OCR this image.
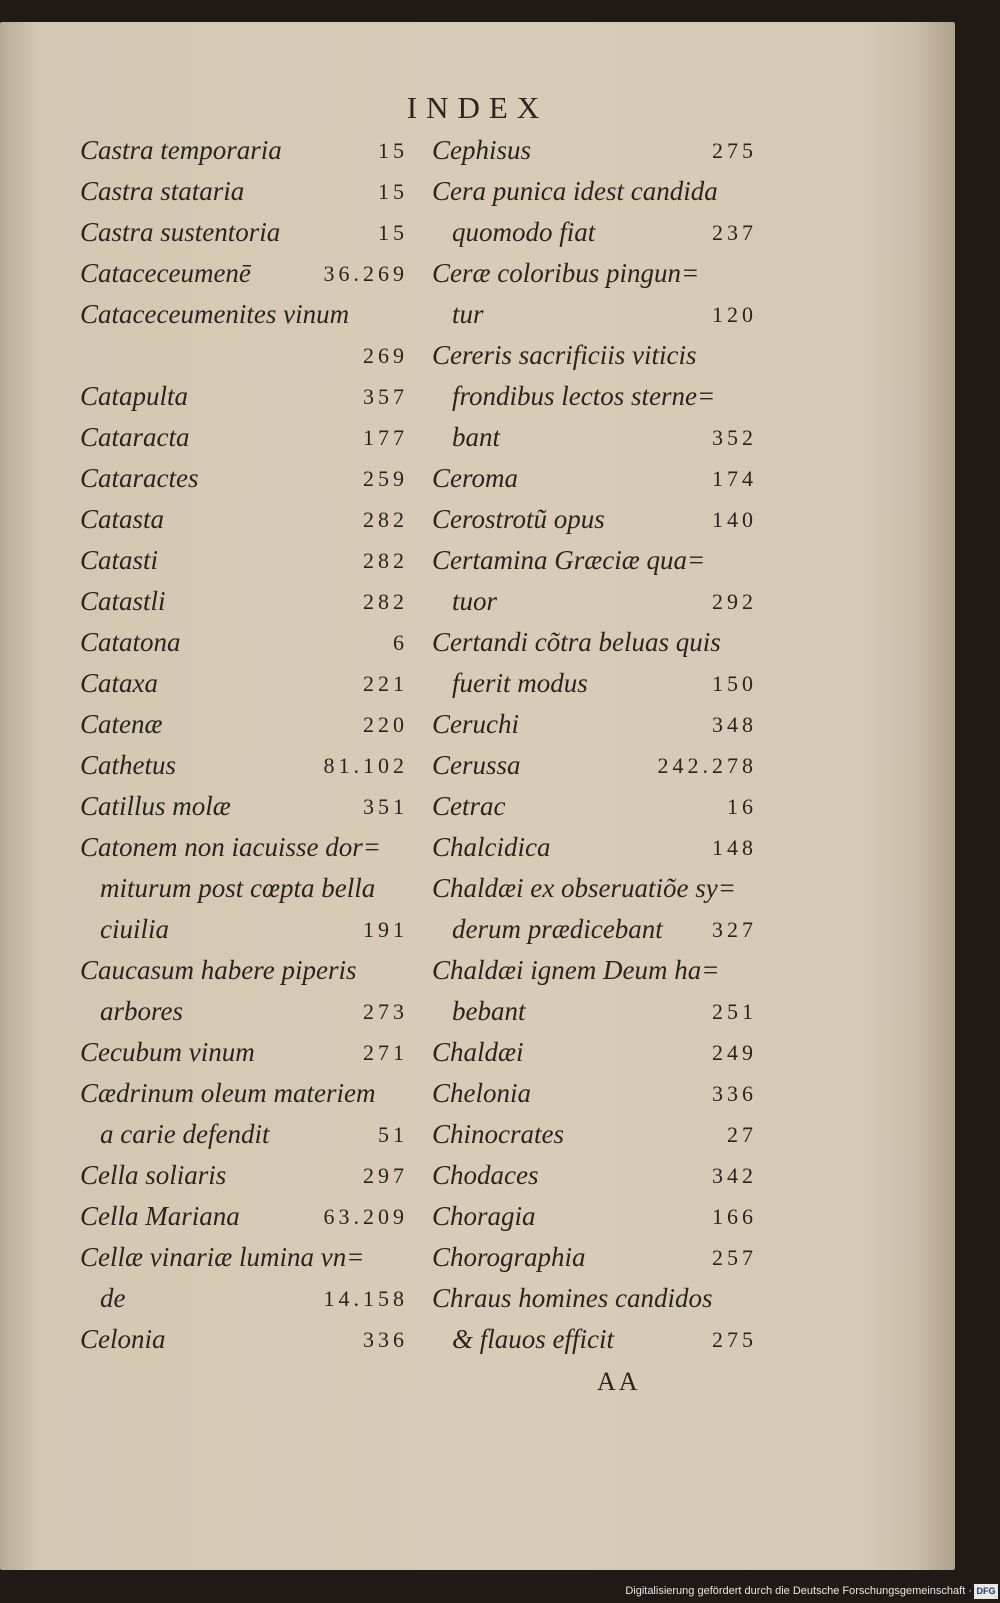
INDEX
Castra temporaria	15
Castra stataria	15
Castra sustentoria	15
Cataceceumenē	36.269
Cataceceumenites vinum
269
Catapulta	357
Cataracta	177
Cataractes	259
Catasta	282
Catasti	282
Catastli	282
Catatona	6
Cataxa	221
Catenæ	220
Cathetus	81.102
Catillus molæ	351
Catonem non iacuisse dor=
miturum post cœpta bella
ciuilia	191
Caucasum habere piperis
arbores	273
Cecubum vinum	271
Cædrinum oleum materiem
a carie defendit	51
Cella soliaris	297
Cella Mariana	63.209
Cellæ vinariæ lumina vn=
de	14.158
Celonia	336
Cephisus	275
Cera punica idest candida
quomodo fiat	237
Ceræ coloribus pingun=
tur	120
Cereris sacrificiis viticis
frondibus lectos sterne=
bant	352
Ceroma	174
Cerostrotũ opus	140
Certamina Græciæ qua=
tuor	292
Certandi cõtra beluas quis
fuerit modus	150
Ceruchi	348
Cerussa	242.278
Cetrac	16
Chalcidica	148
Chaldæi ex obseruatiõe sy=
derum prædicebant 327
Chaldæi ignem Deum ha=
bebant	251
Chaldæi	249
Chelonia	336
Chinocrates	27
Chodaces	342
Choragia	166
Chorographia	257
Chraus homines candidos
& flauos efficit	275
AA
Digitalisierung gefördert durch die Deutsche Forschungsgemeinschaft · DFG
